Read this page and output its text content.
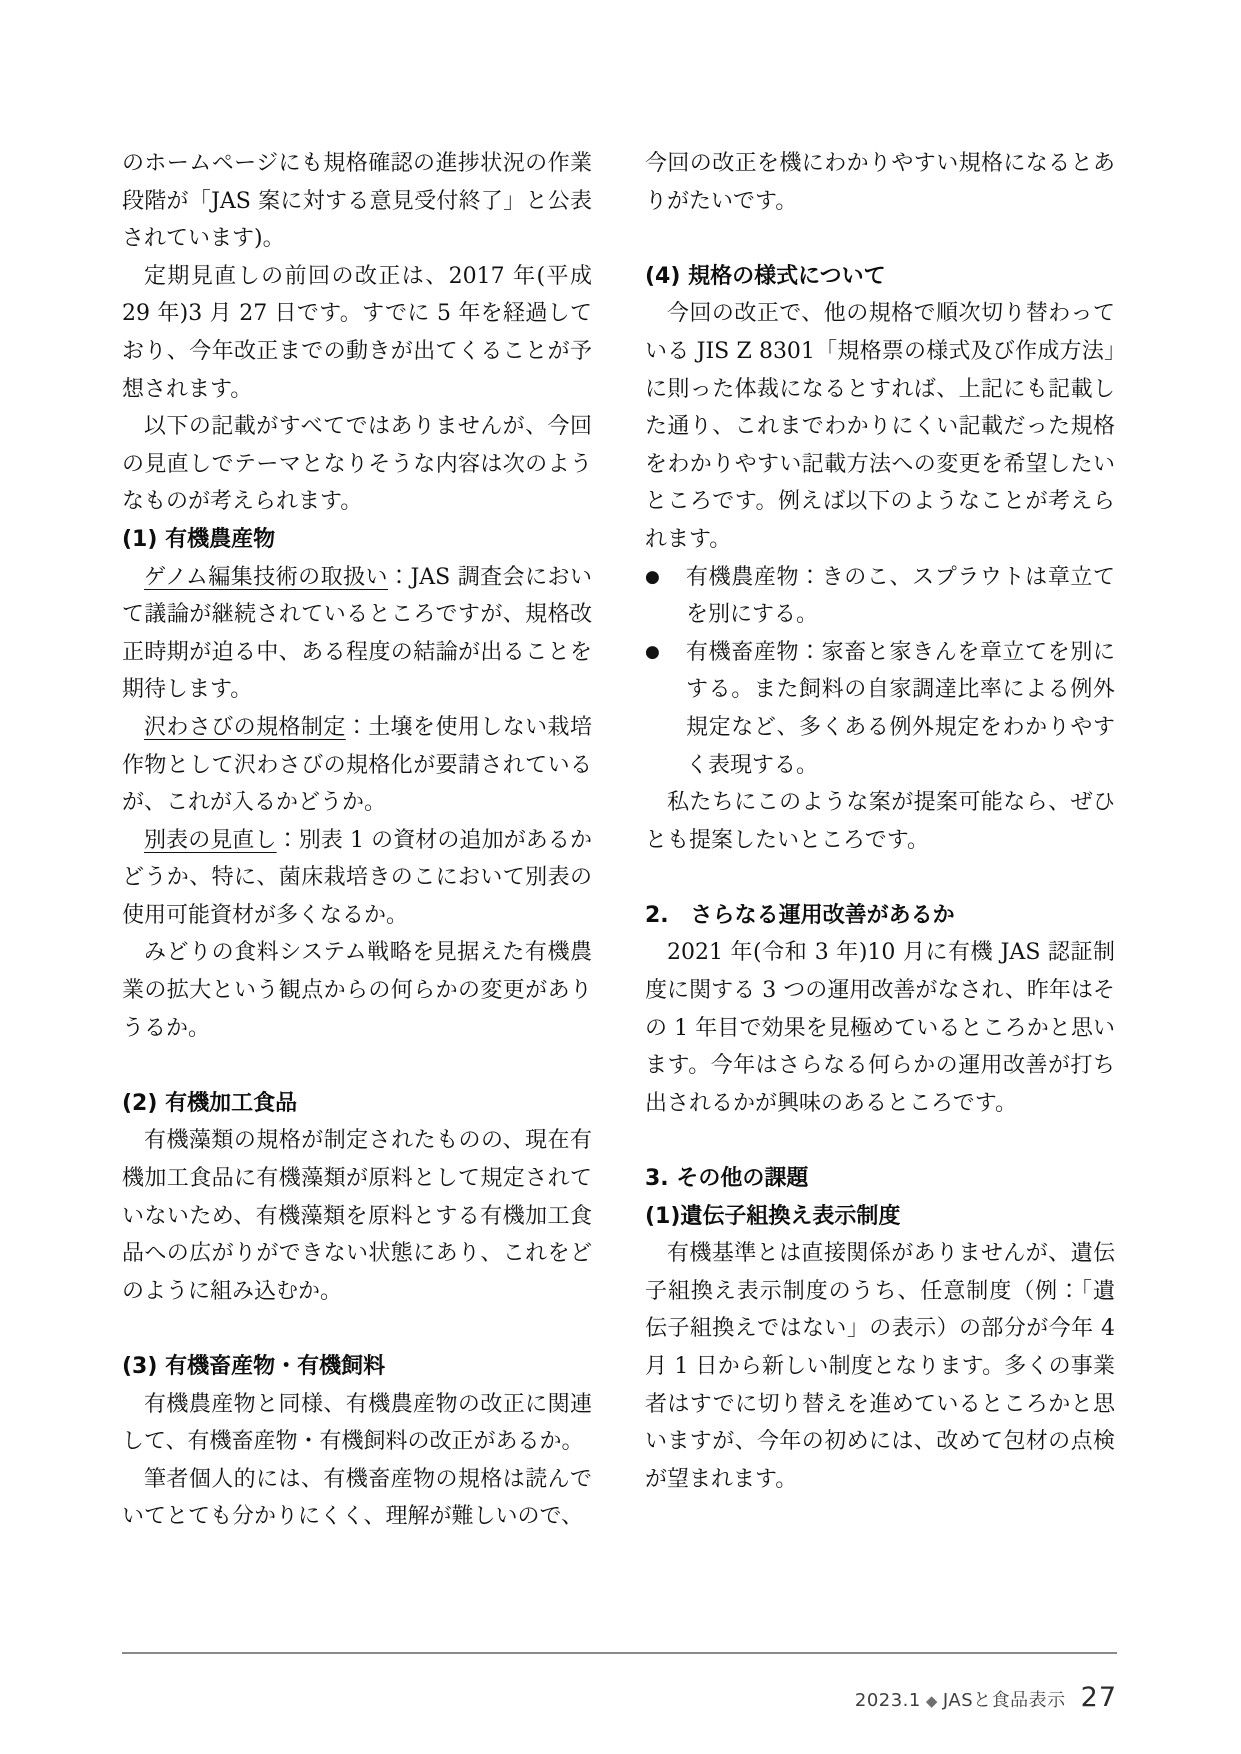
のホームページにも規格確認の進捗状況の作業段階が「JAS 案に対する意見受付終了」と公表されています)。

定期見直しの前回の改正は、2017 年(平成 29 年)3 月 27 日です。すでに 5 年を経過しており、今年改正までの動きが出てくることが予想されます。

以下の記載がすべてではありませんが、今回の見直しでテーマとなりそうな内容は次のようなものが考えられます。

(1) 有機農産物

ゲノム編集技術の取扱い：JAS 調査会において議論が継続されているところですが、規格改正時期が迫る中、ある程度の結論が出ることを期待します。

沢わさびの規格制定：土壌を使用しない栽培作物として沢わさびの規格化が要請されているが、これが入るかどうか。

別表の見直し：別表 1 の資材の追加があるかどうか、特に、菌床栽培きのこにおいて別表の使用可能資材が多くなるか。

みどりの食料システム戦略を見据えた有機農業の拡大という観点からの何らかの変更がありうるか。

(2) 有機加工食品

有機藻類の規格が制定されたものの、現在有機加工食品に有機藻類が原料として規定されていないため、有機藻類を原料とする有機加工食品への広がりができない状態にあり、これをどのように組み込むか。

(3) 有機畜産物・有機飼料

有機農産物と同様、有機農産物の改正に関連して、有機畜産物・有機飼料の改正があるか。

筆者個人的には、有機畜産物の規格は読んでいてとても分かりにくく、理解が難しいので、

今回の改正を機にわかりやすい規格になるとありがたいです。

(4) 規格の様式について

今回の改正で、他の規格で順次切り替わっている JIS Z 8301「規格票の様式及び作成方法」に則った体裁になるとすれば、上記にも記載した通り、これまでわかりにくい記載だった規格をわかりやすい記載方法への変更を希望したいところです。例えば以下のようなことが考えられます。

●	有機農産物：きのこ、スプラウトは章立てを別にする。
●	有機畜産物：家畜と家きんを章立てを別にする。また飼料の自家調達比率による例外規定など、多くある例外規定をわかりやすく表現する。

私たちにこのような案が提案可能なら、ぜひとも提案したいところです。

2.　さらなる運用改善があるか

2021 年(令和 3 年)10 月に有機 JAS 認証制度に関する 3 つの運用改善がなされ、昨年はその 1 年目で効果を見極めているところかと思います。今年はさらなる何らかの運用改善が打ち出されるかが興味のあるところです。

3. その他の課題
(1)遺伝子組換え表示制度

有機基準とは直接関係がありませんが、遺伝子組換え表示制度のうち、任意制度（例：「遺伝子組換えではない」の表示）の部分が今年 4 月 1 日から新しい制度となります。多くの事業者はすでに切り替えを進めているところかと思いますが、今年の初めには、改めて包材の点検が望まれます。

2023.1 ◆ JASと食品表示 27
